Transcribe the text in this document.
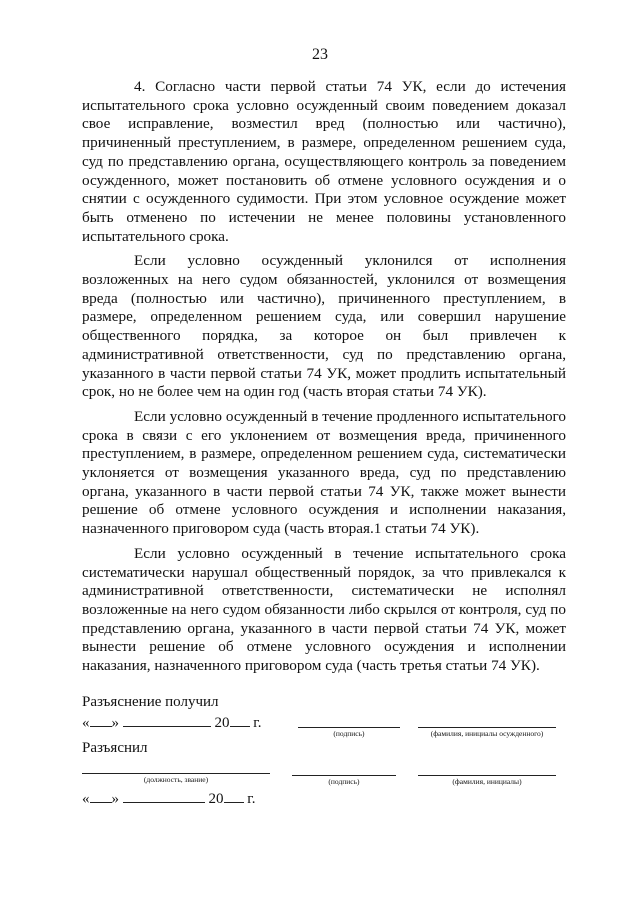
23

4. Согласно части первой статьи 74 УК, если до истечения испытательного срока условно осужденный своим поведением доказал свое исправление, возместил вред (полностью или частично), причиненный преступлением, в размере, определенном решением суда, суд по представлению органа, осуществляющего контроль за поведением осужденного, может постановить об отмене условного осуждения и о снятии с осужденного судимости. При этом условное осуждение может быть отменено по истечении не менее половины установленного испытательного срока.

Если условно осужденный уклонился от исполнения возложенных на него судом обязанностей, уклонился от возмещения вреда (полностью или частично), причиненного преступлением, в размере, определенном решением суда, или совершил нарушение общественного порядка, за которое он был привлечен к административной ответственности, суд по представлению органа, указанного в части первой статьи 74 УК, может продлить испытательный срок, но не более чем на один год (часть вторая статьи 74 УК).

Если условно осужденный в течение продленного испытательного срока в связи с его уклонением от возмещения вреда, причиненного преступлением, в размере, определенном решением суда, систематически уклоняется от возмещения указанного вреда, суд по представлению органа, указанного в части первой статьи 74 УК, также может вынести решение об отмене условного осуждения и исполнении наказания, назначенного приговором суда (часть вторая.1 статьи 74 УК).

Если условно осужденный в течение испытательного срока систематически нарушал общественный порядок, за что привлекался к административной ответственности, систематически не исполнял возложенные на него судом обязанности либо скрылся от контроля, суд по представлению органа, указанного в части первой статьи 74 УК, может вынести решение об отмене условного осуждения и исполнении наказания, назначенного приговором суда (часть третья статьи 74 УК).

Разъяснение получил
« »	20 г.
(подпись)	(фамилия, инициалы осужденного)
Разъяснил
(должность, звание)	(подпись)	(фамилия, инициалы)
« »	20 г.
